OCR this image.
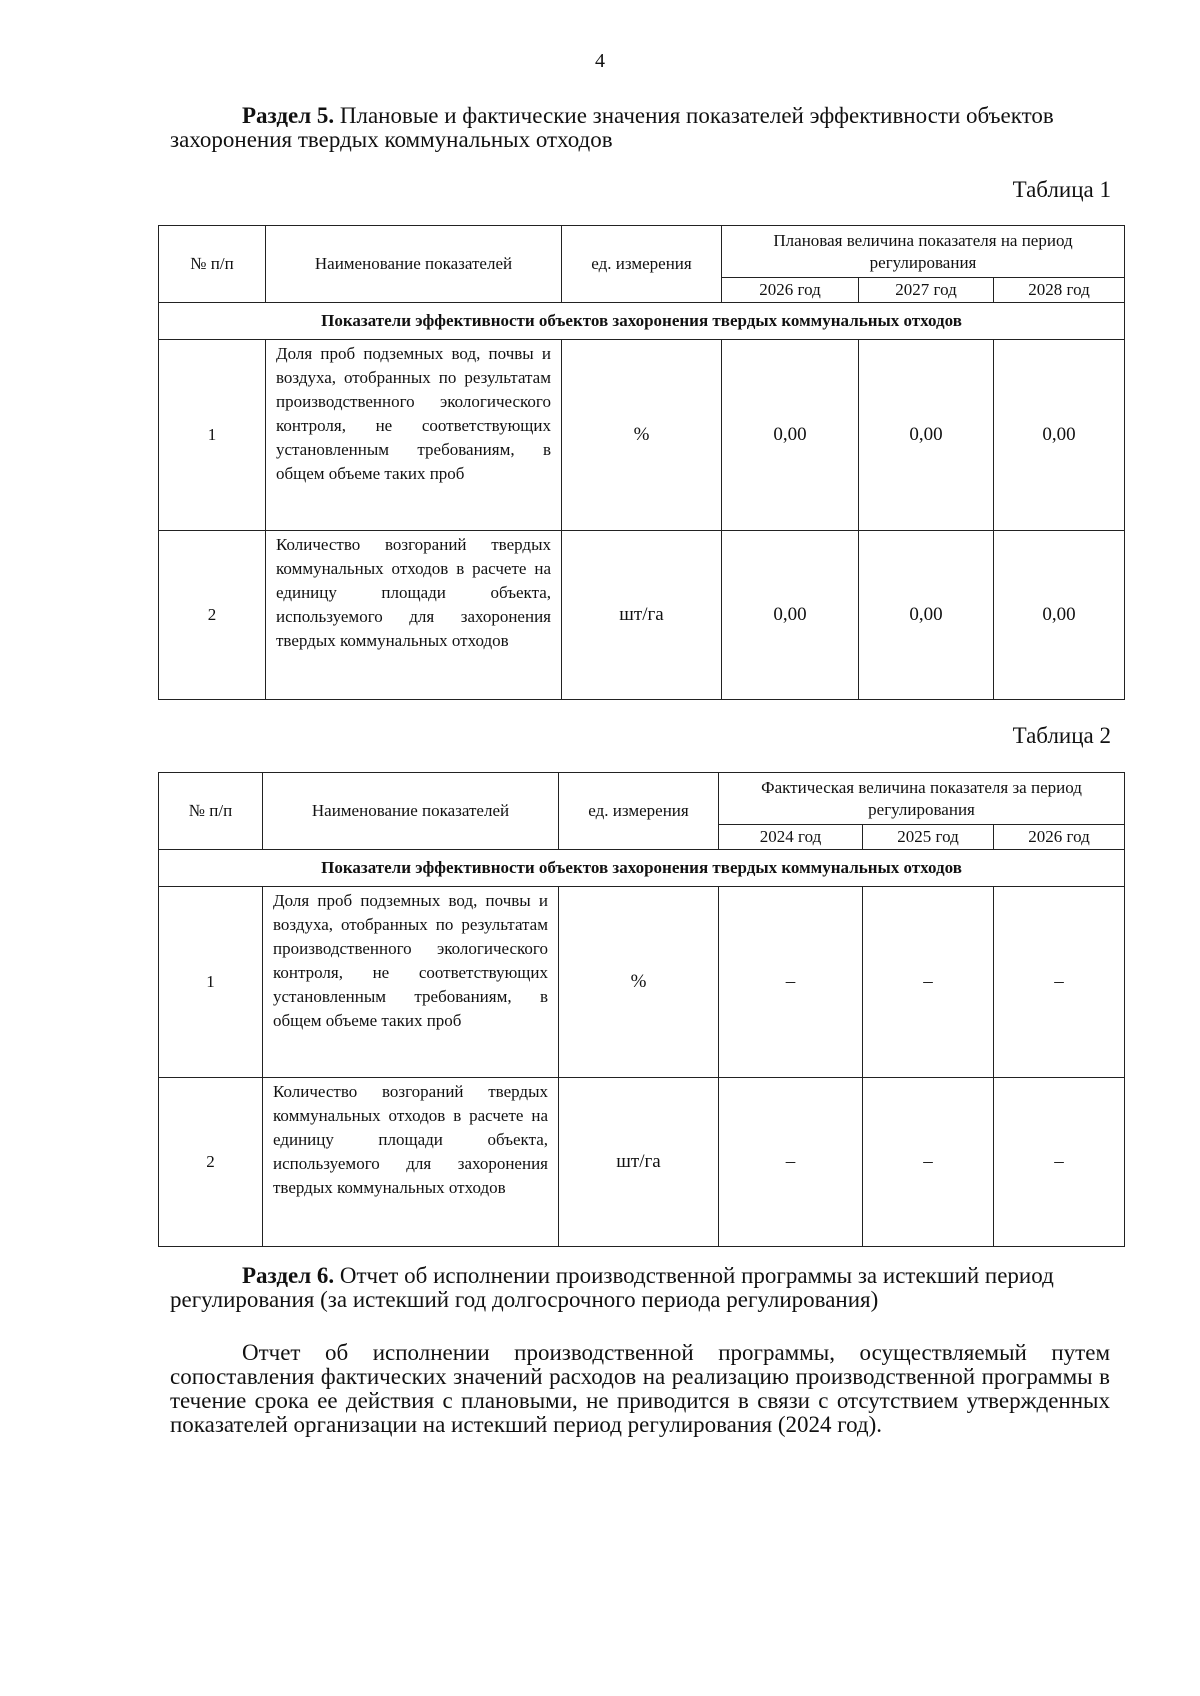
4
Раздел 5. Плановые и фактические значения показателей эффективности объектов
захоронения твердых коммунальных отходов
Таблица 1
№ п/п	Наименование показателей	ед. измерения	Плановая величина показателя на период регулирования		
			2026 год	2027 год	2028 год
Показатели эффективности объектов захоронения твердых коммунальных отходов					
1	Доля проб подземных вод, почвы и воздуха, отобранных по результатам производственного экологического контроля, не соответствующих установленным требованиям, в общем объеме таких проб	%	0,00	0,00	0,00
2	Количество возгораний твердых коммунальных отходов в расчете на единицу площади объекта, используемого для захоронения твердых коммунальных отходов	шт/га	0,00	0,00	0,00
Таблица 2
№ п/п	Наименование показателей	ед. измерения	Фактическая величина показателя за период регулирования		
			2024 год	2025 год	2026 год
Показатели эффективности объектов захоронения твердых коммунальных отходов					
1	Доля проб подземных вод, почвы и воздуха, отобранных по результатам производственного экологического контроля, не соответствующих установленным требованиям, в общем объеме таких проб	%	–	–	–
2	Количество возгораний твердых коммунальных отходов в расчете на единицу площади объекта, используемого для захоронения твердых коммунальных отходов	шт/га	–	–	–
Раздел 6. Отчет об исполнении производственной программы за истекший период
регулирования (за истекший год долгосрочного периода регулирования)
Отчет об исполнении производственной программы, осуществляемый путем сопоставления фактических значений расходов на реализацию производственной программы в течение срока ее действия с плановыми, не приводится в связи с отсутствием утвержденных показателей организации на истекший период регулирования (2024 год).
